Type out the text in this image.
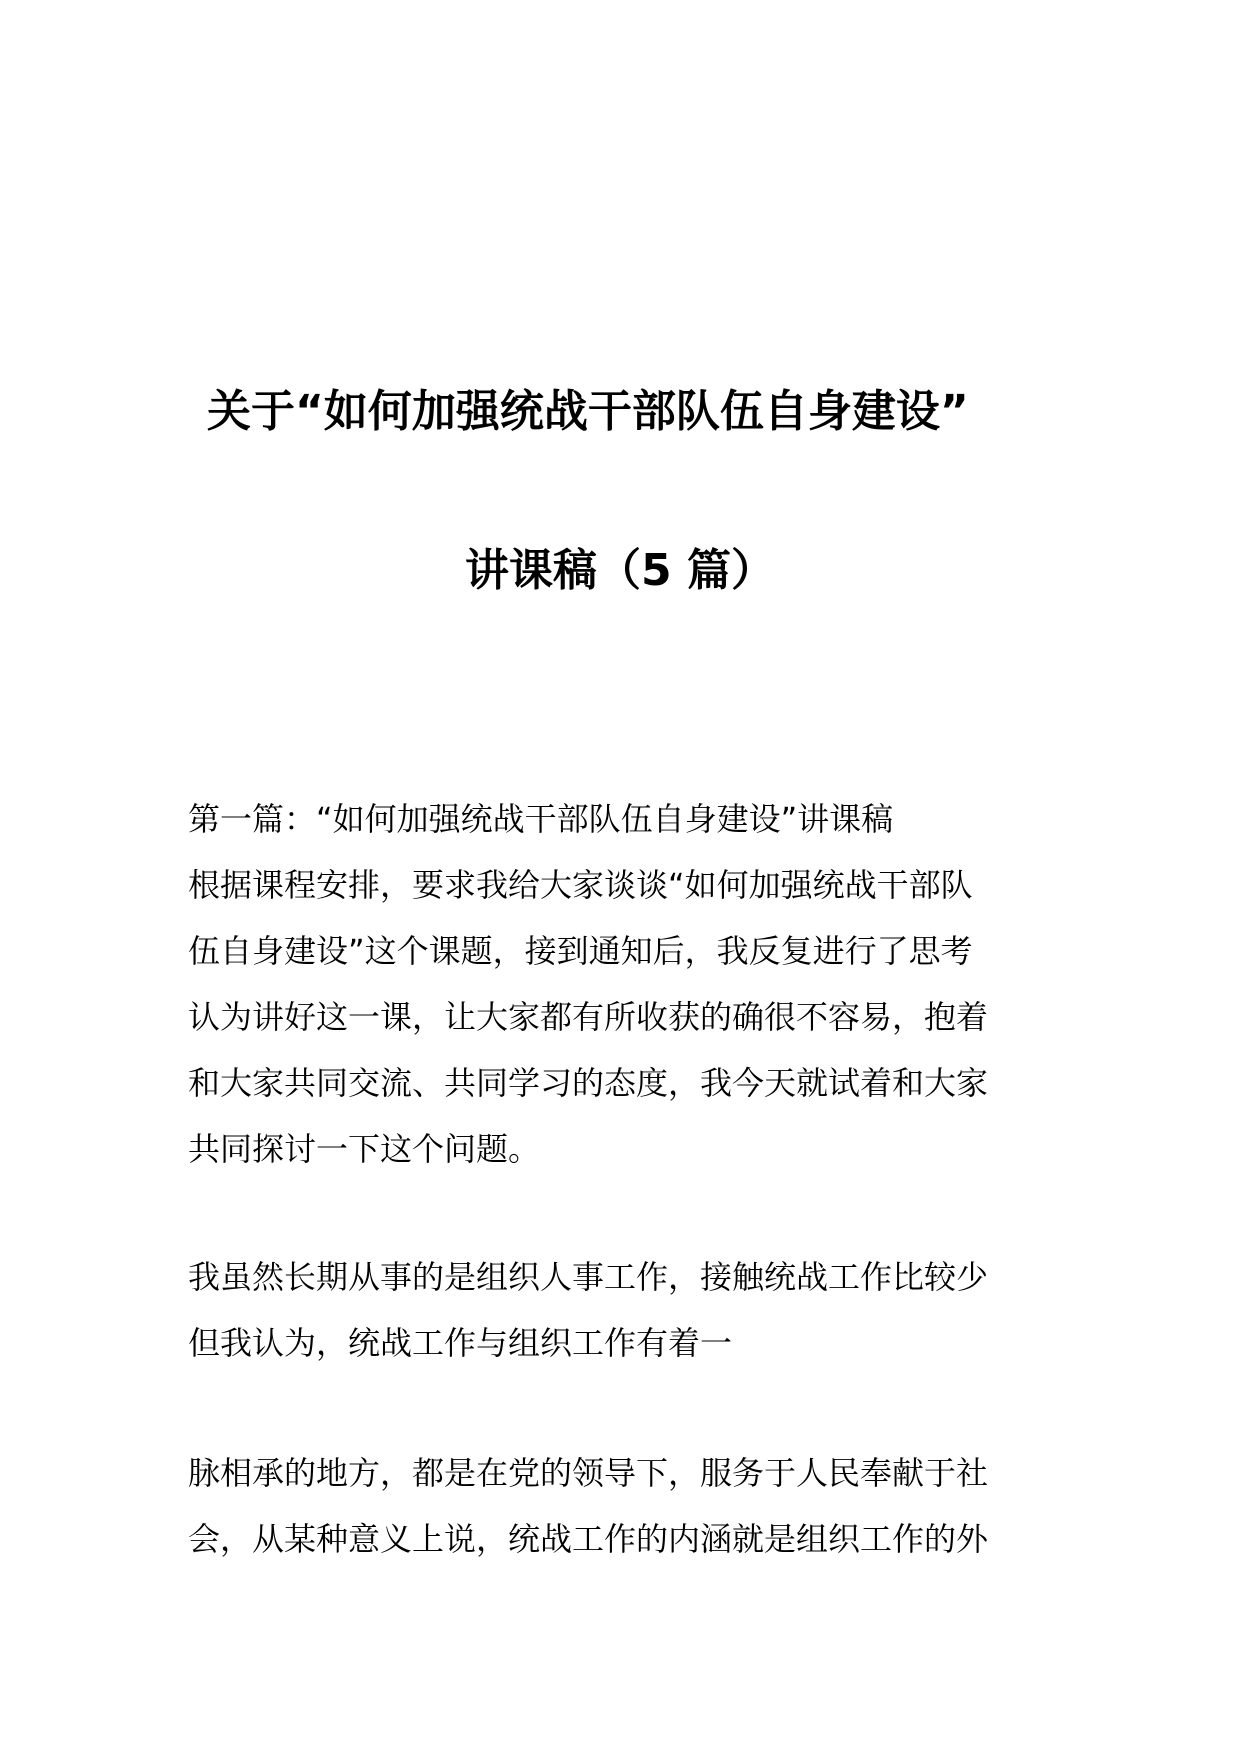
关于“如何加强统战干部队伍自身建设”
讲课稿（5 篇）
第一篇：“如何加强统战干部队伍自身建设”讲课稿
根据课程安排，要求我给大家谈谈“如何加强统战干部队
伍自身建设”这个课题，接到通知后，我反复进行了思考
认为讲好这一课，让大家都有所收获的确很不容易，抱着
和大家共同交流、共同学习的态度，我今天就试着和大家
共同探讨一下这个问题。
我虽然长期从事的是组织人事工作，接触统战工作比较少
但我认为，统战工作与组织工作有着一
脉相承的地方，都是在党的领导下，服务于人民奉献于社
会，从某种意义上说，统战工作的内涵就是组织工作的外
